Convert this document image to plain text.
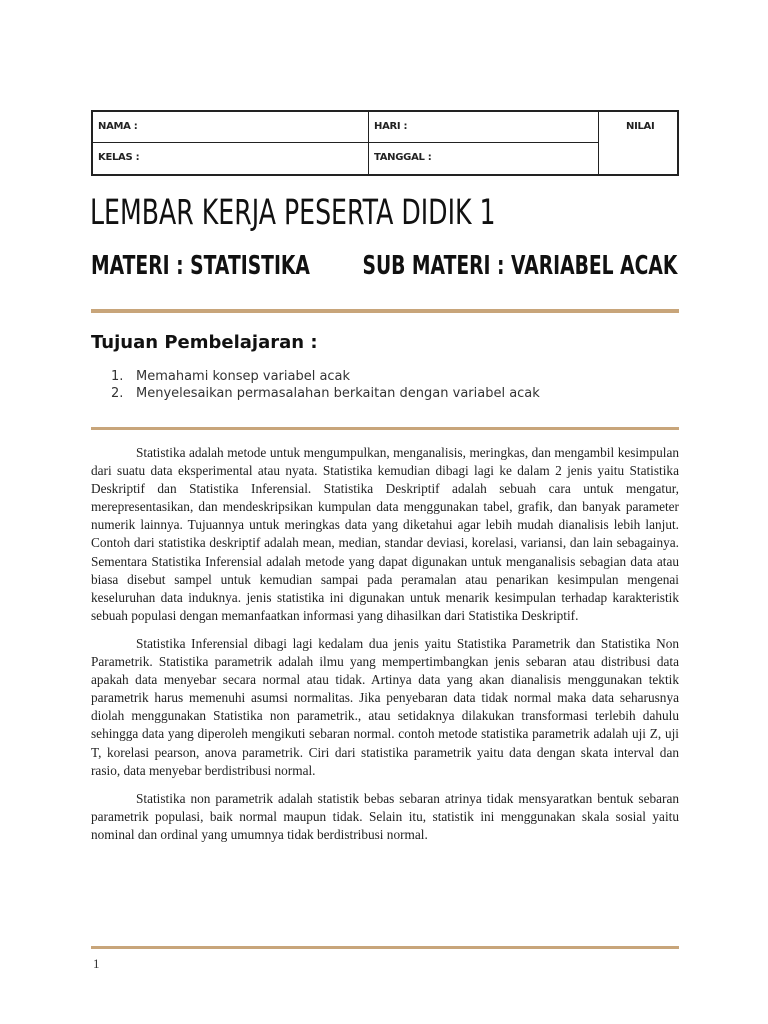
NAMA :
KELAS :
HARI :
TANGGAL :
NILAI
LEMBAR KERJA PESERTA DIDIK 1
MATERI : STATISTIKA SUB MATERI : VARIABEL ACAK
Tujuan Pembelajaran :
1. Memahami konsep variabel acak
2. Menyelesaikan permasalahan berkaitan dengan variabel acak

Statistika adalah metode untuk mengumpulkan, menganalisis, meringkas, dan mengambil kesimpulan dari suatu data eksperimental atau nyata. Statistika kemudian dibagi lagi ke dalam 2 jenis yaitu Statistika Deskriptif dan Statistika Inferensial. Statistika Deskriptif adalah sebuah cara untuk mengatur, merepresentasikan, dan mendeskripsikan kumpulan data menggunakan tabel, grafik, dan banyak parameter numerik lainnya. Tujuannya untuk meringkas data yang diketahui agar lebih mudah dianalisis lebih lanjut. Contoh dari statistika deskriptif adalah mean, median, standar deviasi, korelasi, variansi, dan lain sebagainya. Sementara Statistika Inferensial adalah metode yang dapat digunakan untuk menganalisis sebagian data atau biasa disebut sampel untuk kemudian sampai pada peramalan atau penarikan kesimpulan mengenai keseluruhan data induknya. jenis statistika ini digunakan untuk menarik kesimpulan terhadap karakteristik sebuah populasi dengan memanfaatkan informasi yang dihasilkan dari Statistika Deskriptif.

Statistika Inferensial dibagi lagi kedalam dua jenis yaitu Statistika Parametrik dan Statistika Non Parametrik. Statistika parametrik adalah ilmu yang mempertimbangkan jenis sebaran atau distribusi data apakah data menyebar secara normal atau tidak. Artinya data yang akan dianalisis menggunakan tektik parametrik harus memenuhi asumsi normalitas. Jika penyebaran data tidak normal maka data seharusnya diolah menggunakan Statistika non parametrik., atau setidaknya dilakukan transformasi terlebih dahulu sehingga data yang diperoleh mengikuti sebaran normal. contoh metode statistika parametrik adalah uji Z, uji T, korelasi pearson, anova parametrik. Ciri dari statistika parametrik yaitu data dengan skata interval dan rasio, data menyebar berdistribusi normal.

Statistika non parametrik adalah statistik bebas sebaran atrinya tidak mensyaratkan bentuk sebaran parametrik populasi, baik normal maupun tidak. Selain itu, statistik ini menggunakan skala sosial yaitu nominal dan ordinal yang umumnya tidak berdistribusi normal.

1
